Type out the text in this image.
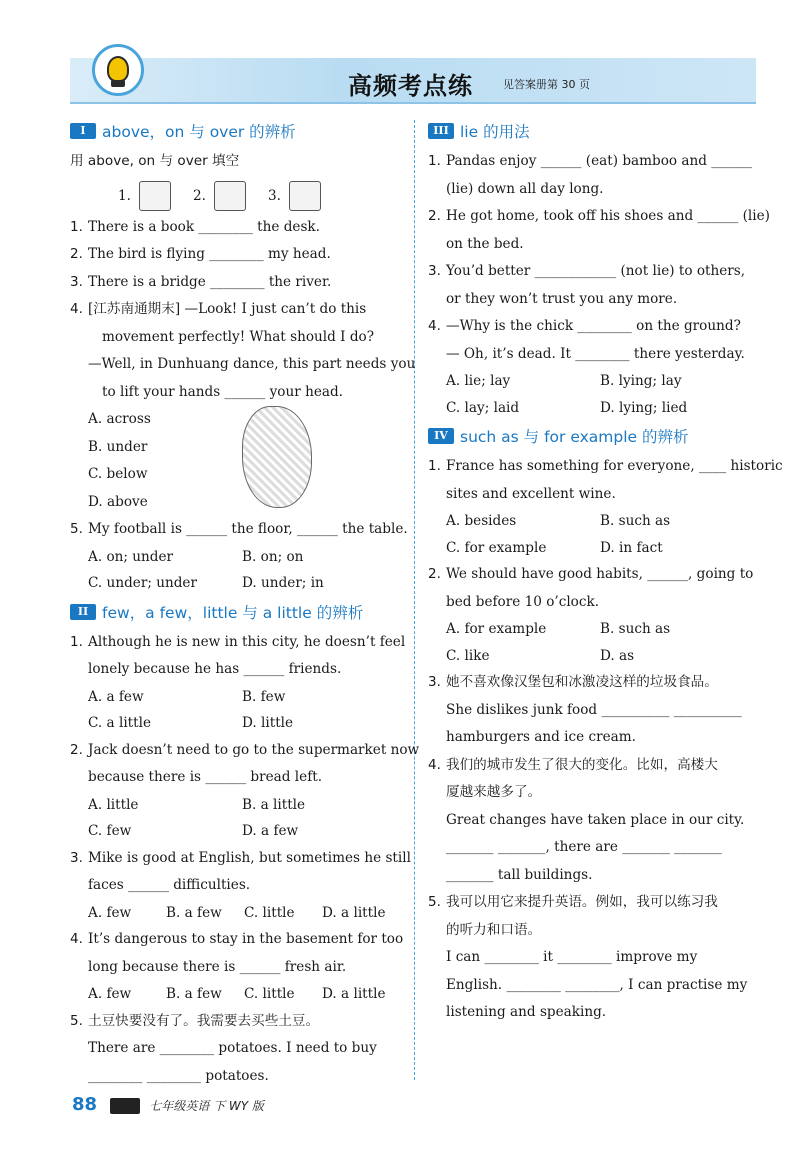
高频考点练	见答案册第 30 页
I	above，on 与 over 的辨析
用 above, on 与 over 填空
1.	2.	3.
1. There is a book ________ the desk.
2. The bird is flying ________ my head.
3. There is a bridge ________ the river.
4. [江苏南通期末] —Look! I just can’t do this
movement perfectly! What should I do?
—Well, in Dunhuang dance, this part needs you
to lift your hands ______ your head.
A. across
B. under
C. below
D. above
5. My football is ______ the floor, ______ the table.
A. on; under	B. on; on
C. under; under	D. under; in
II few，a few，little 与 a little 的辨析
1. Although he is new in this city, he doesn’t feel
lonely because he has ______ friends.
A. a few	B. few
C. a little	D. little
2. Jack doesn’t need to go to the supermarket now
because there is ______ bread left.
A. little	B. a little
C. few	D. a few
3. Mike is good at English, but sometimes he still
faces ______ difficulties.
A. few	B. a few	C. little	D. a little
4. It’s dangerous to stay in the basement for too
long because there is ______ fresh air.
A. few	B. a few	C. little	D. a little
5. 土豆快要没有了。我需要去买些土豆。
There are ________ potatoes. I need to buy
________ ________ potatoes.
III lie 的用法
1. Pandas enjoy ______ (eat) bamboo and ______
(lie) down all day long.
2. He got home, took off his shoes and ______ (lie)
on the bed.
3. You’d better ____________ (not lie) to others,
or they won’t trust you any more.
4. —Why is the chick ________ on the ground?
— Oh, it’s dead. It ________ there yesterday.
A. lie; lay	B. lying; lay
C. lay; laid	D. lying; lied
IV such as 与 for example 的辨析
1. France has something for everyone, ____ historic
sites and excellent wine.
A. besides	B. such as
C. for example	D. in fact
2. We should have good habits, ______, going to
bed before 10 o’clock.
A. for example	B. such as
C. like	D. as
3. 她不喜欢像汉堡包和冰激凌这样的垃圾食品。
She dislikes junk food __________ __________
hamburgers and ice cream.
4. 我们的城市发生了很大的变化。比如，高楼大
厦越来越多了。
Great changes have taken place in our city.
_______ _______, there are _______ _______
_______ tall buildings.
5. 我可以用它来提升英语。例如，我可以练习我
的听力和口语。
I can ________ it ________ improve my
English. ________ ________, I can practise my
listening and speaking.
88	七年级英语 下 WY 版
